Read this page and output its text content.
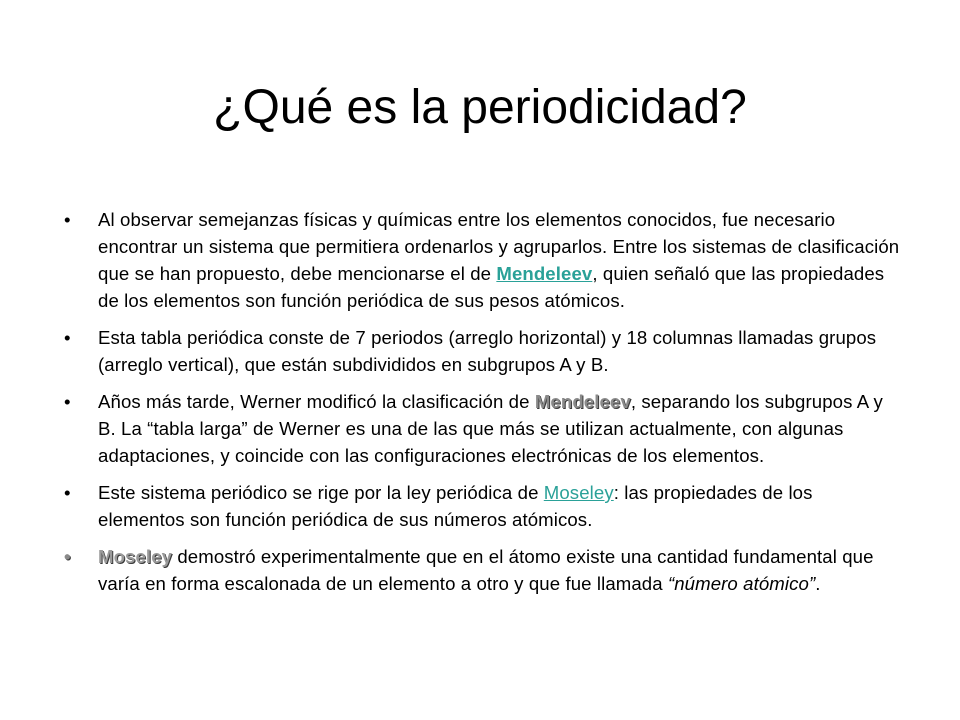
¿Qué es la periodicidad?
•	Al observar semejanzas físicas y químicas entre los elementos conocidos, fue necesario encontrar un sistema que permitiera ordenarlos y agruparlos. Entre los sistemas de clasificación que se han propuesto, debe mencionarse el de Mendeleev, quien señaló que las propiedades de los elementos son función periódica de sus pesos atómicos.
•	Esta tabla periódica conste de 7 periodos (arreglo horizontal) y 18 columnas llamadas grupos (arreglo vertical), que están subdivididos en subgrupos A y B.
•	Años más tarde, Werner modificó la clasificación de Mendeleev, separando los subgrupos A y B. La “tabla larga” de Werner es una de las que más se utilizan actualmente, con algunas adaptaciones, y coincide con las configuraciones electrónicas de los elementos.
•	Este sistema periódico se rige por la ley periódica de Moseley: las propiedades de los elementos son función periódica de sus números atómicos.
•	Moseley demostró experimentalmente que en el átomo existe una cantidad fundamental que varía en forma escalonada de un elemento a otro y que fue llamada “número atómico”.
